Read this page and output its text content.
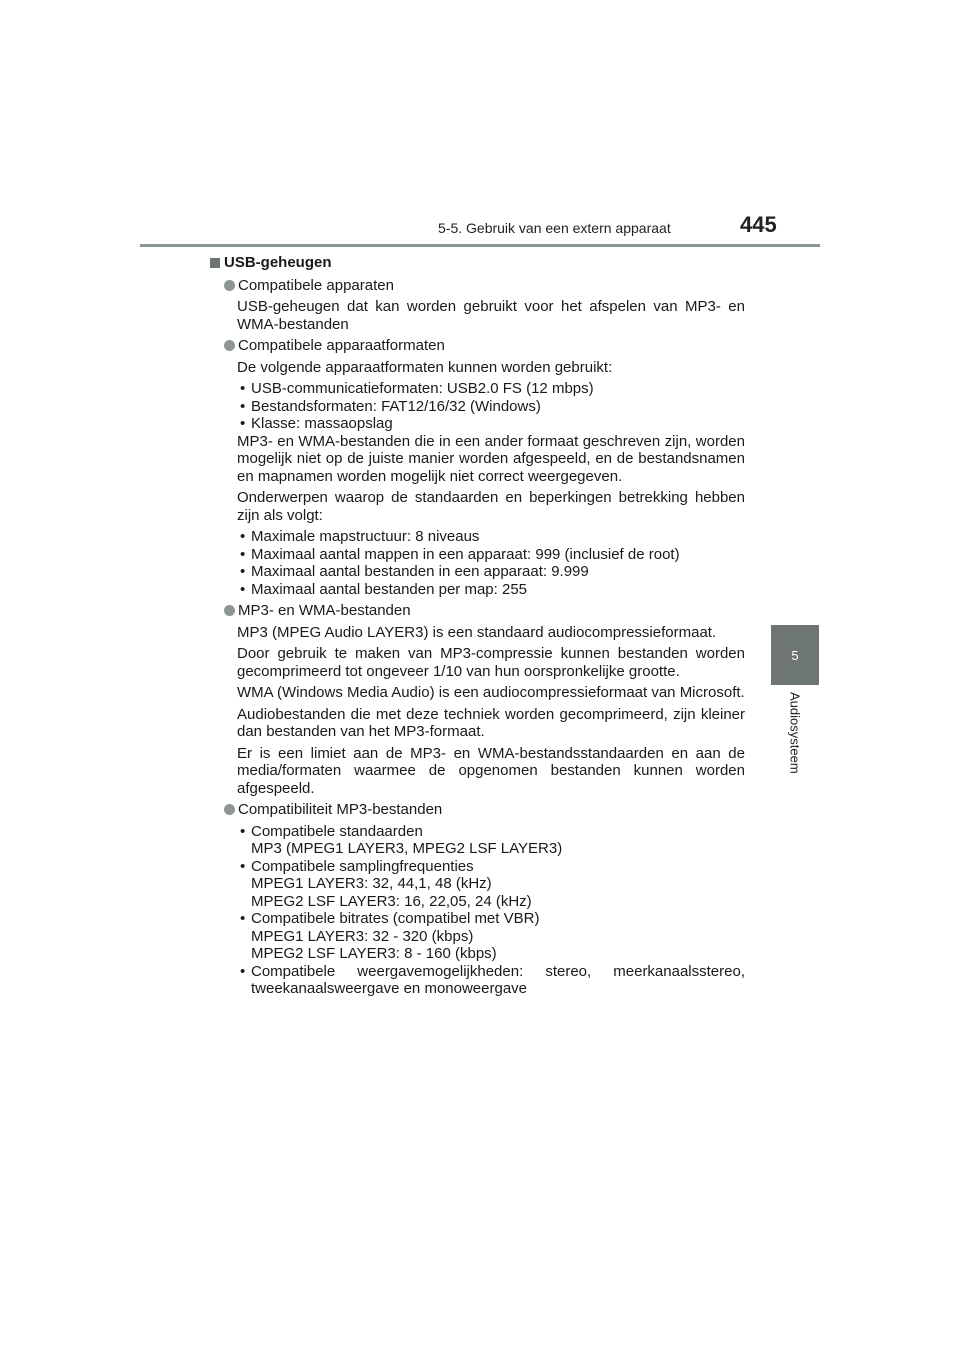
5-5. Gebruik van een extern apparaat	445
5
Audiosysteem
USB-geheugen
Compatibele apparaten

USB-geheugen dat kan worden gebruikt voor het afspelen van MP3- en WMA-bestanden

Compatibele apparaatformaten

De volgende apparaatformaten kunnen worden gebruikt:

• USB-communicatieformaten: USB2.0 FS (12 mbps)
• Bestandsformaten: FAT12/16/32 (Windows)
• Klasse: massaopslag

MP3- en WMA-bestanden die in een ander formaat geschreven zijn, worden mogelijk niet op de juiste manier worden afgespeeld, en de bestandsnamen en mapnamen worden mogelijk niet correct weergegeven.

Onderwerpen waarop de standaarden en beperkingen betrekking hebben zijn als volgt:

• Maximale mapstructuur: 8 niveaus
• Maximaal aantal mappen in een apparaat: 999 (inclusief de root)
• Maximaal aantal bestanden in een apparaat: 9.999
• Maximaal aantal bestanden per map: 255
MP3- en WMA-bestanden

MP3 (MPEG Audio LAYER3) is een standaard audiocompressieformaat.

Door gebruik te maken van MP3-compressie kunnen bestanden worden gecomprimeerd tot ongeveer 1/10 van hun oorspronkelijke grootte.

WMA (Windows Media Audio) is een audiocompressieformaat van Microsoft.

Audiobestanden die met deze techniek worden gecomprimeerd, zijn kleiner dan bestanden van het MP3-formaat.

Er is een limiet aan de MP3- en WMA-bestandsstandaarden en aan de media/formaten waarmee de opgenomen bestanden kunnen worden afgespeeld.

Compatibiliteit MP3-bestanden
• Compatibele standaarden
MP3 (MPEG1 LAYER3, MPEG2 LSF LAYER3)
• Compatibele samplingfrequenties
MPEG1 LAYER3: 32, 44,1, 48 (kHz)
MPEG2 LSF LAYER3: 16, 22,05, 24 (kHz)
• Compatibele bitrates (compatibel met VBR)
MPEG1 LAYER3: 32 - 320 (kbps)
MPEG2 LSF LAYER3: 8 - 160 (kbps)
• Compatibele weergavemogelijkheden: stereo, meerkanaalsstereo, tweekanaalsweergave en monoweergave
